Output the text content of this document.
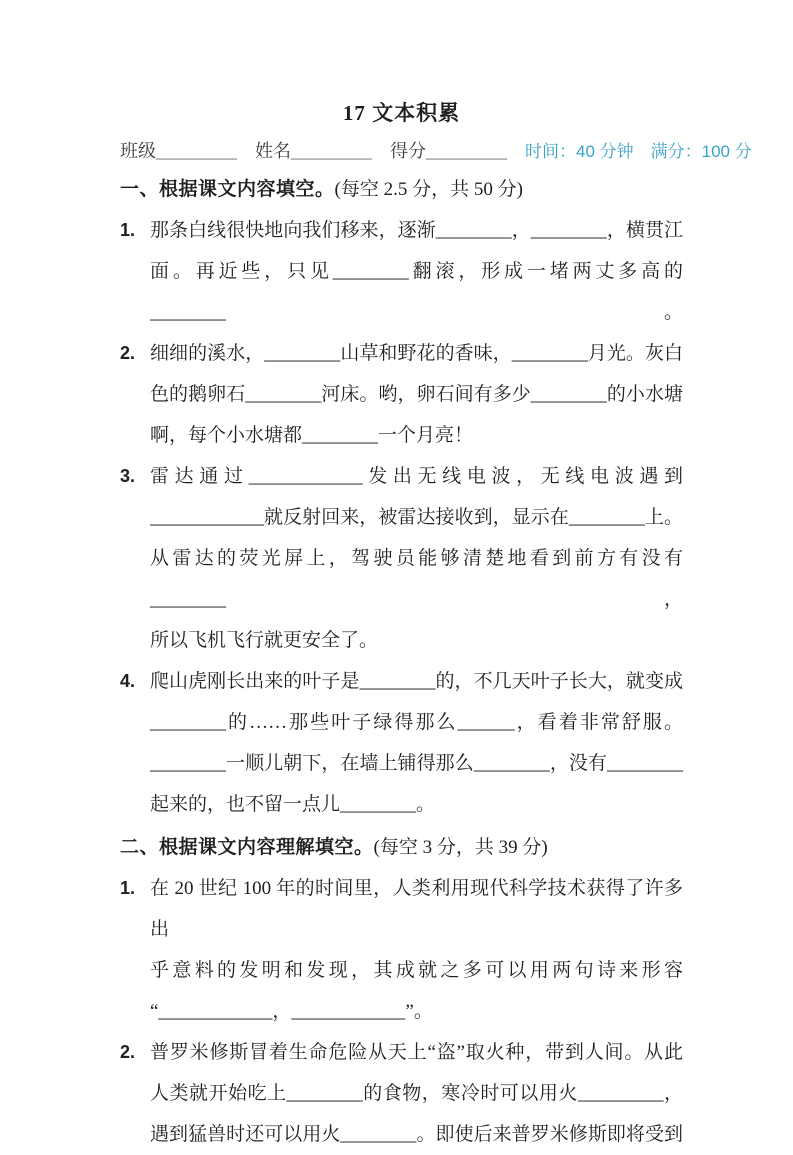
17 文本积累
班级_________ 姓名_________ 得分_________ 时间：40 分钟　满分：100 分
一、根据课文内容填空。(每空 2.5 分，共 50 分)
1. 那条白线很快地向我们移来，逐渐________，________，横贯江
面。再近些，只见________翻滚，形成一堵两丈多高的________。
2. 细细的溪水，________山草和野花的香味，________月光。灰白
色的鹅卵石________河床。哟，卵石间有多少________的小水塘
啊，每个小水塘都________一个月亮！
3. 雷达通过____________发出无线电波，无线电波遇到
____________就反射回来，被雷达接收到，显示在________上。
从雷达的荧光屏上，驾驶员能够清楚地看到前方有没有________，
所以飞机飞行就更安全了。
4. 爬山虎刚长出来的叶子是________的，不几天叶子长大，就变成
________的……那些叶子绿得那么______，看着非常舒服。
________一顺儿朝下，在墙上铺得那么________，没有________
起来的，也不留一点儿________。
二、根据课文内容理解填空。(每空 3 分，共 39 分)
1. 在 20 世纪 100 年的时间里，人类利用现代科学技术获得了许多出
乎意料的发明和发现，其成就之多可以用两句诗来形容
“____________，____________”。
2. 普罗米修斯冒着生命危险从天上“盗”取火种，带到人间。从此
人类就开始吃上________的食物，寒冷时可以用火_________，
遇到猛兽时还可以用火________。即使后来普罗米修斯即将受到
